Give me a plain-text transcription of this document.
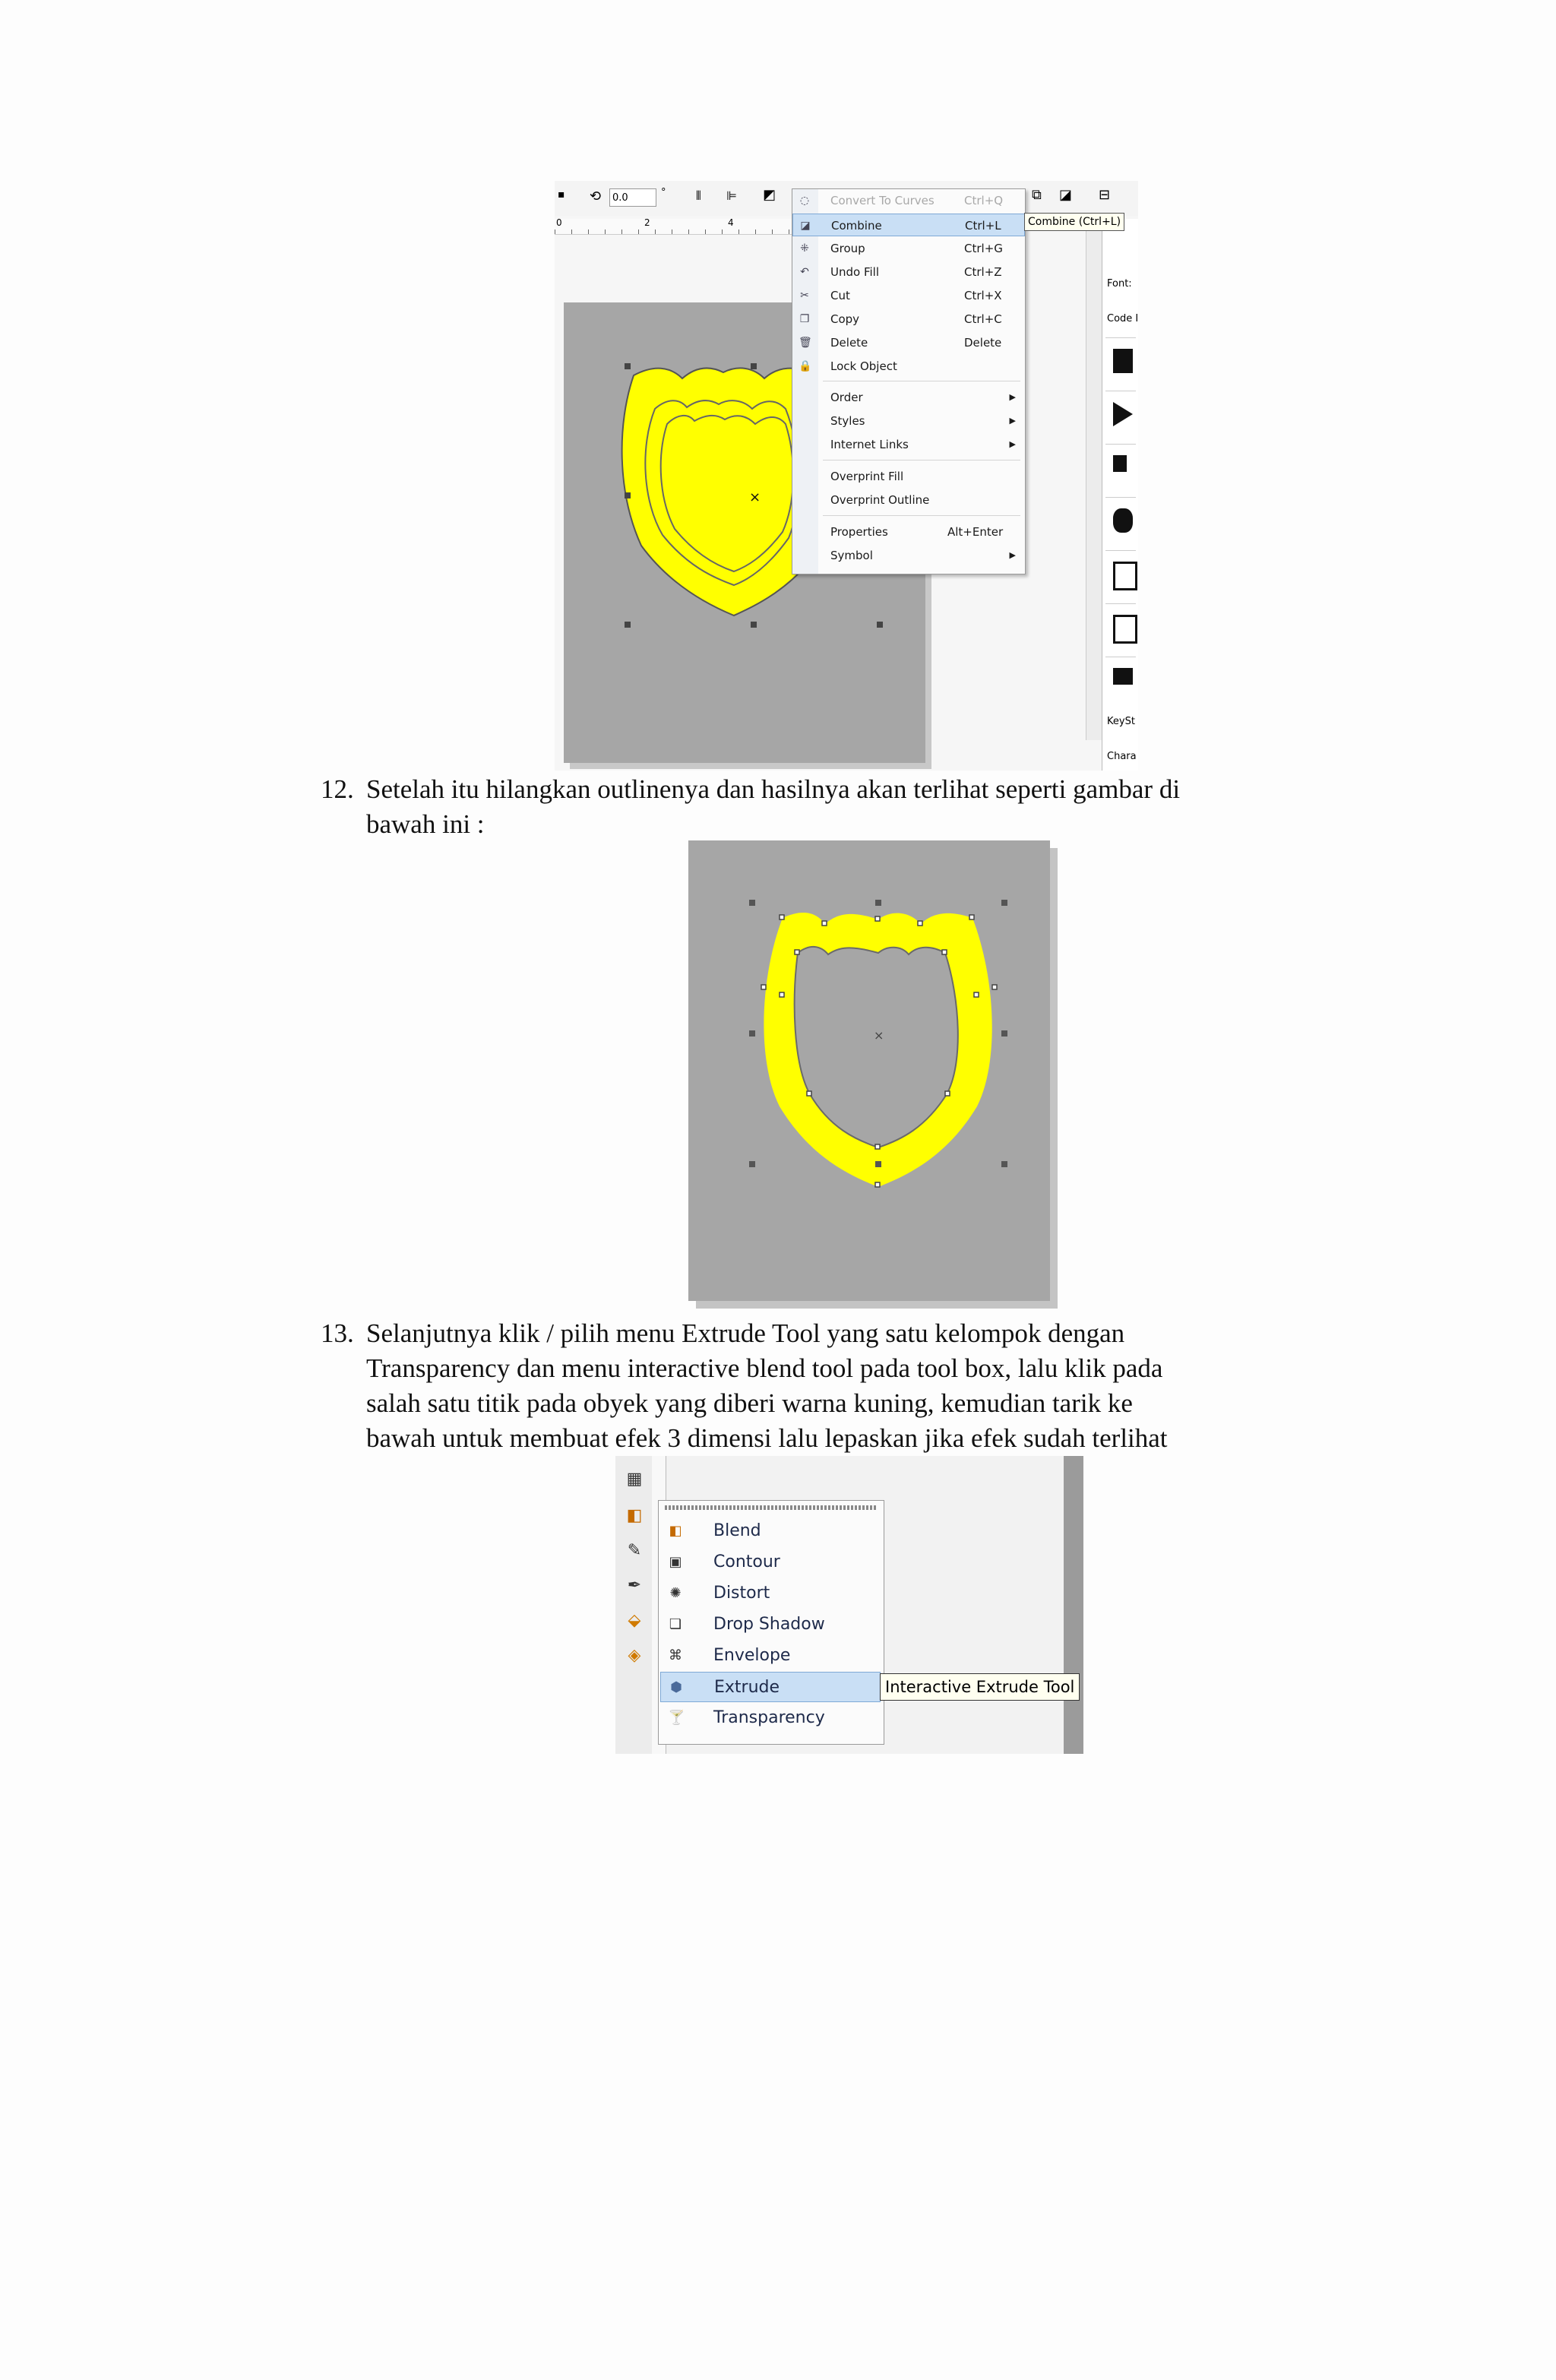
▪ ⟲	0.0	° ⫴ ⊫ ◩	⧉ ◪ ⊟
0	2	4
×
Font:
Code I
KeySt
Chara
◌ Convert To Curves	Ctrl+Q
◪ Combine	Ctrl+L
⁜ Group	Ctrl+G
↶ Undo Fill	Ctrl+Z
✂ Cut	Ctrl+X
❐ Copy	Ctrl+C
🗑 Delete	Delete
🔒 Lock Object
Order	▶
Styles	▶
Internet Links	▶
Overprint Fill
Overprint Outline
Properties	Alt+Enter
Symbol	▶
Combine (Ctrl+L)
12. Setelah itu hilangkan outlinenya dan hasilnya akan terlihat seperti gambar di
bawah ini :
×
13. Selanjutnya klik / pilih menu Extrude Tool yang satu kelompok dengan
Transparency dan menu interactive blend tool pada tool box, lalu klik pada
salah satu titik pada obyek yang diberi warna kuning, kemudian tarik ke
bawah untuk membuat efek 3 dimensi lalu lepaskan jika efek sudah terlihat
▦
◧
✎
✒
⬙
◈
◧ Blend
▣ Contour
✺ Distort
❏ Drop Shadow
⌘ Envelope
⬢ Extrude
🍸 Transparency
Interactive Extrude Tool
